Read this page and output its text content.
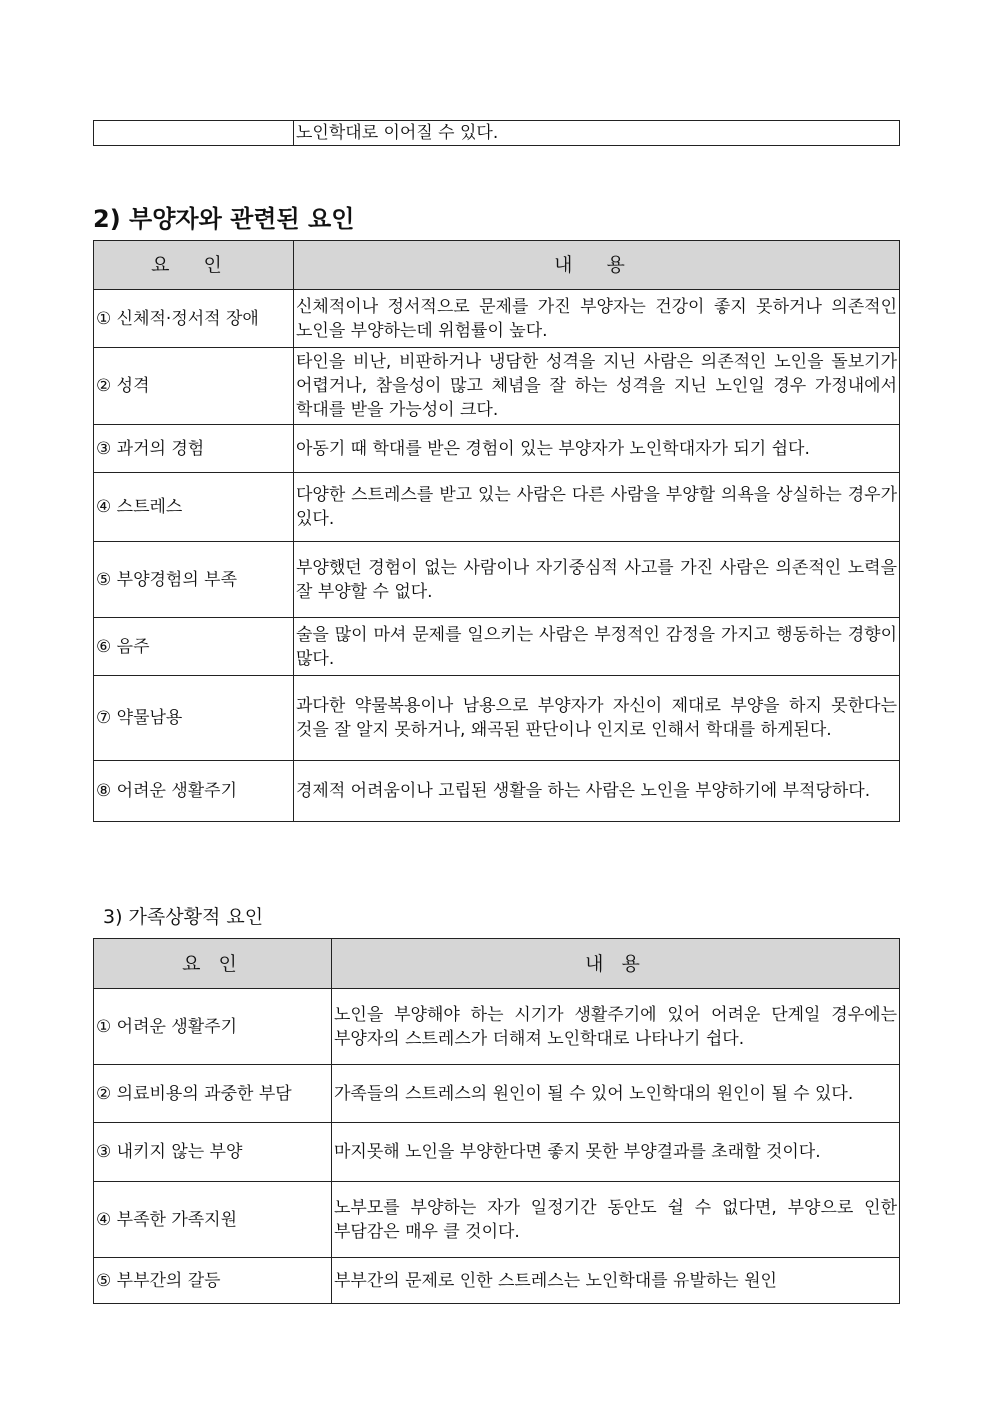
	노인학대로 이어질 수 있다.
2) 부양자와 관련된 요인
요 인	내 용
① 신체적·정서적 장애	신체적이나 정서적으로 문제를 가진 부양자는 건강이 좋지 못하거나 의존적인 노인을 부양하는데 위험률이 높다.
② 성격	타인을 비난, 비판하거나 냉담한 성격을 지닌 사람은 의존적인 노인을 돌보기가 어렵거나, 참을성이 많고 체념을 잘 하는 성격을 지닌 노인일 경우 가정내에서 학대를 받을 가능성이 크다.
③ 과거의 경험	아동기 때 학대를 받은 경험이 있는 부양자가 노인학대자가 되기 쉽다.
④ 스트레스	다양한 스트레스를 받고 있는 사람은 다른 사람을 부양할 의욕을 상실하는 경우가 있다.
⑤ 부양경험의 부족	부양했던 경험이 없는 사람이나 자기중심적 사고를 가진 사람은 의존적인 노력을 잘 부양할 수 없다.
⑥ 음주	술을 많이 마셔 문제를 일으키는 사람은 부정적인 감정을 가지고 행동하는 경향이 많다.
⑦ 약물남용	과다한 약물복용이나 남용으로 부양자가 자신이 제대로 부양을 하지 못한다는 것을 잘 알지 못하거나, 왜곡된 판단이나 인지로 인해서 학대를 하게된다.
⑧ 어려운 생활주기	경제적 어려움이나 고립된 생활을 하는 사람은 노인을 부양하기에 부적당하다.
3) 가족상황적 요인
요 인	내 용
① 어려운 생활주기	노인을 부양해야 하는 시기가 생활주기에 있어 어려운 단계일 경우에는 부양자의 스트레스가 더해져 노인학대로 나타나기 쉽다.
② 의료비용의 과중한 부담	가족들의 스트레스의 원인이 될 수 있어 노인학대의 원인이 될 수 있다.
③ 내키지 않는 부양	마지못해 노인을 부양한다면 좋지 못한 부양결과를 초래할 것이다.
④ 부족한 가족지원	노부모를 부양하는 자가 일정기간 동안도 쉴 수 없다면, 부양으로 인한 부담감은 매우 클 것이다.
⑤ 부부간의 갈등	부부간의 문제로 인한 스트레스는 노인학대를 유발하는 원인
